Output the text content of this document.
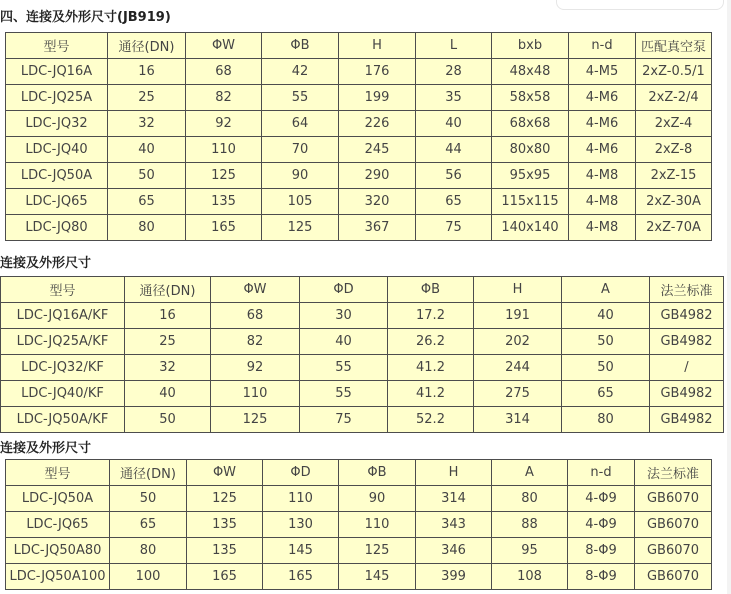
四、连接及外形尺寸(JB919)
型号	通径(DN)	ΦW	ΦB	H	L	bxb	n-d	匹配真空泵
LDC-JQ16A	16	68	42	176	28	48x48	4-M5	2xZ-0.5/1
LDC-JQ25A	25	82	55	199	35	58x58	4-M6	2xZ-2/4
LDC-JQ32	32	92	64	226	40	68x68	4-M6	2xZ-4
LDC-JQ40	40	110	70	245	44	80x80	4-M6	2xZ-8
LDC-JQ50A	50	125	90	290	56	95x95	4-M8	2xZ-15
LDC-JQ65	65	135	105	320	65	115x115	4-M8	2xZ-30A
LDC-JQ80	80	165	125	367	75	140x140	4-M8	2xZ-70A
连接及外形尺寸
型号	通径(DN)	ΦW	ΦD	ΦB	H	A	法兰标准
LDC-JQ16A/KF	16	68	30	17.2	191	40	GB4982
LDC-JQ25A/KF	25	82	40	26.2	202	50	GB4982
LDC-JQ32/KF	32	92	55	41.2	244	50	/
LDC-JQ40/KF	40	110	55	41.2	275	65	GB4982
LDC-JQ50A/KF	50	125	75	52.2	314	80	GB4982
连接及外形尺寸
型号	通径(DN)	ΦW	ΦD	ΦB	H	A	n-d	法兰标准
LDC-JQ50A	50	125	110	90	314	80	4-Φ9	GB6070
LDC-JQ65	65	135	130	110	343	88	4-Φ9	GB6070
LDC-JQ50A80	80	135	145	125	346	95	8-Φ9	GB6070
LDC-JQ50A100	100	165	165	145	399	108	8-Φ9	GB6070
